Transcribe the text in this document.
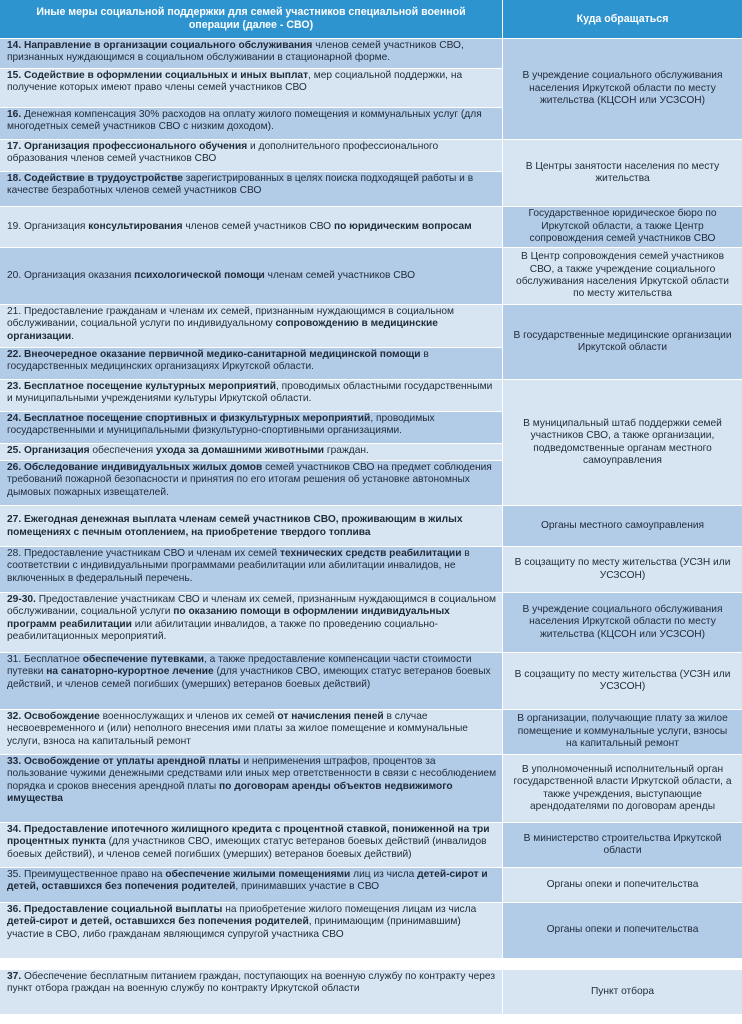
Иные меры социальной поддержки для семей участников специальной военной операции (далее - СВО)
Куда обращаться
14. Направление в организации социального обслуживания членов семей участников СВО, признанных нуждающимся в социальном обслуживании в стационарной форме.
15. Содействие в оформлении социальных и иных выплат, мер социальной поддержки, на получение которых имеют право члены семей участников СВО
16. Денежная компенсация 30% расходов на оплату жилого помещения и коммунальных услуг (для многодетных семей участников СВО с низким доходом).
17. Организация профессионального обучения и дополнительного профессионального образования членов семей участников СВО
18. Содействие в трудоустройстве зарегистрированных в целях поиска подходящей работы и в качестве безработных членов семей участников СВО
19. Организация консультирования членов семей участников СВО по юридическим вопросам
20. Организация оказания психологической помощи членам семей участников СВО
21. Предоставление гражданам и членам их семей, признанным нуждающимся в социальном обслуживании, социальной услуги по индивидуальному сопровождению в медицинские организации.
22. Внеочередное оказание первичной медико-санитарной медицинской помощи в государственных медицинских организациях Иркутской области.
23. Бесплатное посещение культурных мероприятий, проводимых областными государственными и муниципальными учреждениями культуры Иркутской области.
24. Бесплатное посещение спортивных и физкультурных мероприятий, проводимых государственными и муниципальными физкультурно-спортивными организациями.
25. Организация обеспечения ухода за домашними животными граждан.
26. Обследование индивидуальных жилых домов семей участников СВО на предмет соблюдения требований пожарной безопасности и принятия по его итогам решения об установке автономных дымовых пожарных извещателей.
27. Ежегодная денежная выплата членам семей участников СВО, проживающим в жилых помещениях с печным отоплением, на приобретение твердого топлива
28. Предоставление участникам СВО и членам их семей технических средств реабилитации в соответствии с индивидуальными программами реабилитации или абилитации инвалидов, не включенных в федеральный перечень.
29-30. Предоставление участникам СВО и членам их семей, признанным нуждающимся в социальном обслуживании, социальной услуги по оказанию помощи в оформлении индивидуальных программ реабилитации или абилитации инвалидов, а также по проведению социально-реабилитационных мероприятий.
31. Бесплатное обеспечение путевками, а также предоставление компенсации части стоимости путевки на санаторно-курортное лечение (для участников СВО, имеющих статус ветеранов боевых действий, и членов семей погибших (умерших) ветеранов боевых действий)
32. Освобождение военнослужащих и членов их семей от начисления пеней в случае несвоевременного и (или) неполного внесения ими платы за жилое помещение и коммунальные услуги, взноса на капитальный ремонт
33. Освобождение от уплаты арендной платы и неприменения штрафов, процентов за пользование чужими денежными средствами или иных мер ответственности в связи с несоблюдением порядка и сроков внесения арендной платы по договорам аренды объектов недвижимого имущества
34. Предоставление ипотечного жилищного кредита с процентной ставкой, пониженной на три процентных пункта (для участников СВО, имеющих статус ветеранов боевых действий (инвалидов боевых действий), и членов семей погибших (умерших) ветеранов боевых действий)
35. Преимущественное право на обеспечение жилыми помещениями лиц из числа детей-сирот и детей, оставшихся без попечения родителей, принимавших участие в СВО
36. Предоставление социальной выплаты на приобретение жилого помещения лицам из числа детей-сирот и детей, оставшихся без попечения родителей, принимающим (принимавшим) участие в СВО, либо гражданам являющимся супругой участника СВО
37. Обеспечение бесплатным питанием граждан, поступающих на военную службу по контракту через пункт отбора граждан на военную службу по контракту Иркутской области
В учреждение социального обслуживания населения Иркутской области по месту жительства (КЦСОН или УСЗСОН)
В Центры занятости населения по месту жительства
Государственное юридическое бюро по Иркутской области, а также Центр сопровождения семей участников СВО
В Центр сопровождения семей участников СВО, а также учреждение социального обслуживания населения Иркутской области по месту жительства
В государственные медицинские организации Иркутской области
В муниципальный штаб поддержки семей участников СВО, а также организации, подведомственные органам местного самоуправления
Органы местного самоуправления
В соцзащиту по месту жительства (УСЗН или УСЗСОН)
В учреждение социального обслуживания населения Иркутской области по месту жительства (КЦСОН или УСЗСОН)
В соцзащиту по месту жительства (УСЗН или УСЗСОН)
В организации, получающие плату за жилое помещение и коммунальные услуги, взносы на капитальный ремонт
В уполномоченный исполнительный орган государственной власти Иркутской области, а также учреждения, выступающие арендодателями по договорам аренды
В министерство строительства Иркутской области
Органы опеки и попечительства
Органы опеки и попечительства
Пункт отбора
